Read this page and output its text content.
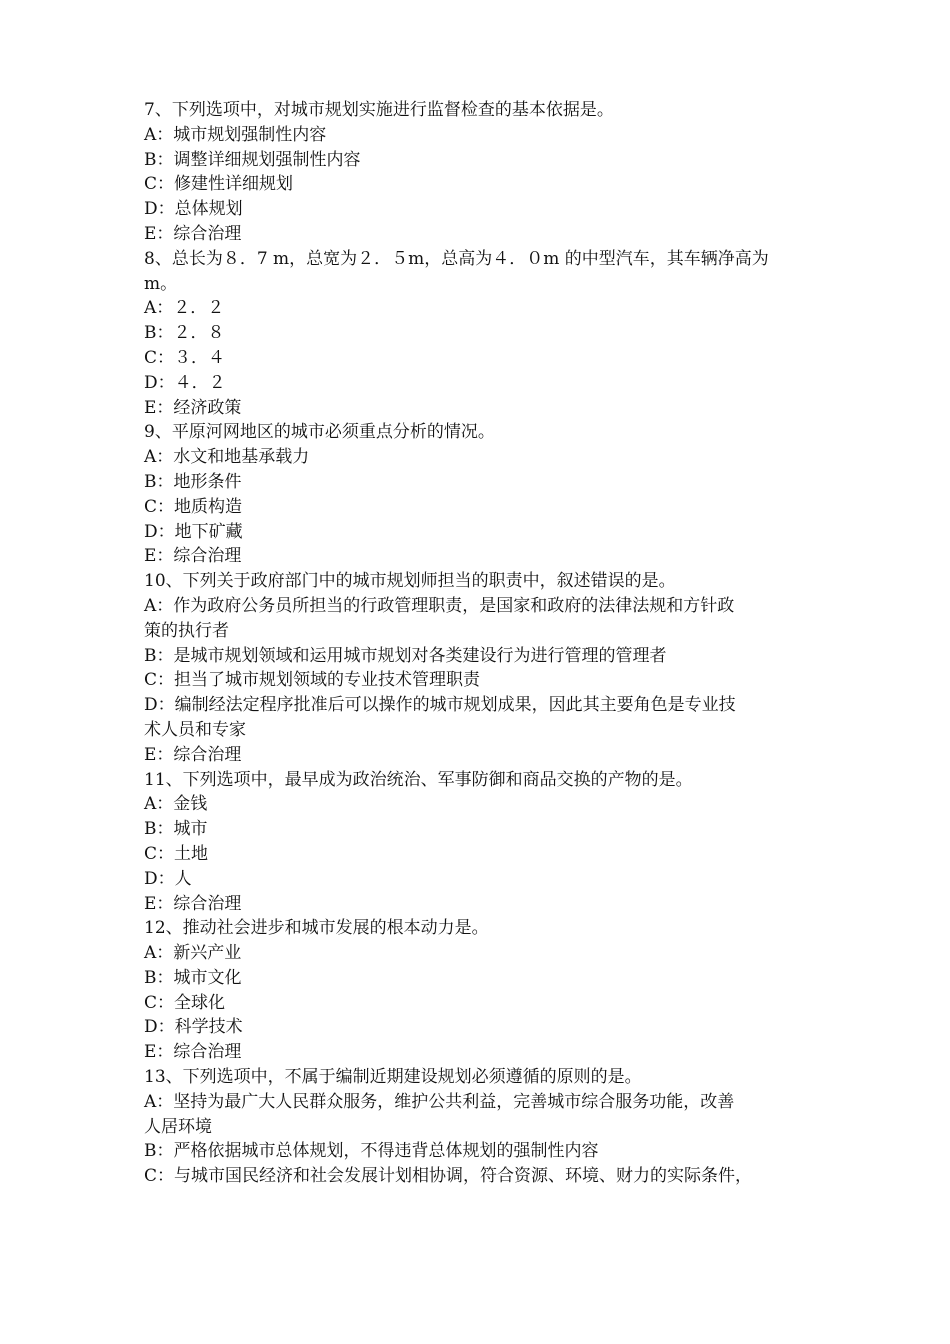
7、下列选项中，对城市规划实施进行监督检查的基本依据是。
A：城市规划强制性内容
B：调整详细规划强制性内容
C：修建性详细规划
D：总体规划
E：综合治理
8、总长为８．7 m，总宽为２．５m，总高为４．０m 的中型汽车，其车辆净高为
m。
A：２．２
B：２．８
C：３．４
D：４．２
E：经济政策
9、平原河网地区的城市必须重点分析的情况。
A：水文和地基承载力
B：地形条件
C：地质构造
D：地下矿藏
E：综合治理
10、下列关于政府部门中的城市规划师担当的职责中，叙述错误的是。
A：作为政府公务员所担当的行政管理职责，是国家和政府的法律法规和方针政
策的执行者
B：是城市规划领域和运用城市规划对各类建设行为进行管理的管理者
C：担当了城市规划领域的专业技术管理职责
D：编制经法定程序批准后可以操作的城市规划成果，因此其主要角色是专业技
术人员和专家
E：综合治理
11、下列选项中，最早成为政治统治、军事防御和商品交换的产物的是。
A：金钱
B：城市
C：土地
D：人
E：综合治理
12、推动社会进步和城市发展的根本动力是。
A：新兴产业
B：城市文化
C：全球化
D：科学技术
E：综合治理
13、下列选项中，不属于编制近期建设规划必须遵循的原则的是。
A：坚持为最广大人民群众服务，维护公共利益，完善城市综合服务功能，改善
人居环境
B：严格依据城市总体规划，不得违背总体规划的强制性内容
C：与城市国民经济和社会发展计划相协调，符合资源、环境、财力的实际条件，
